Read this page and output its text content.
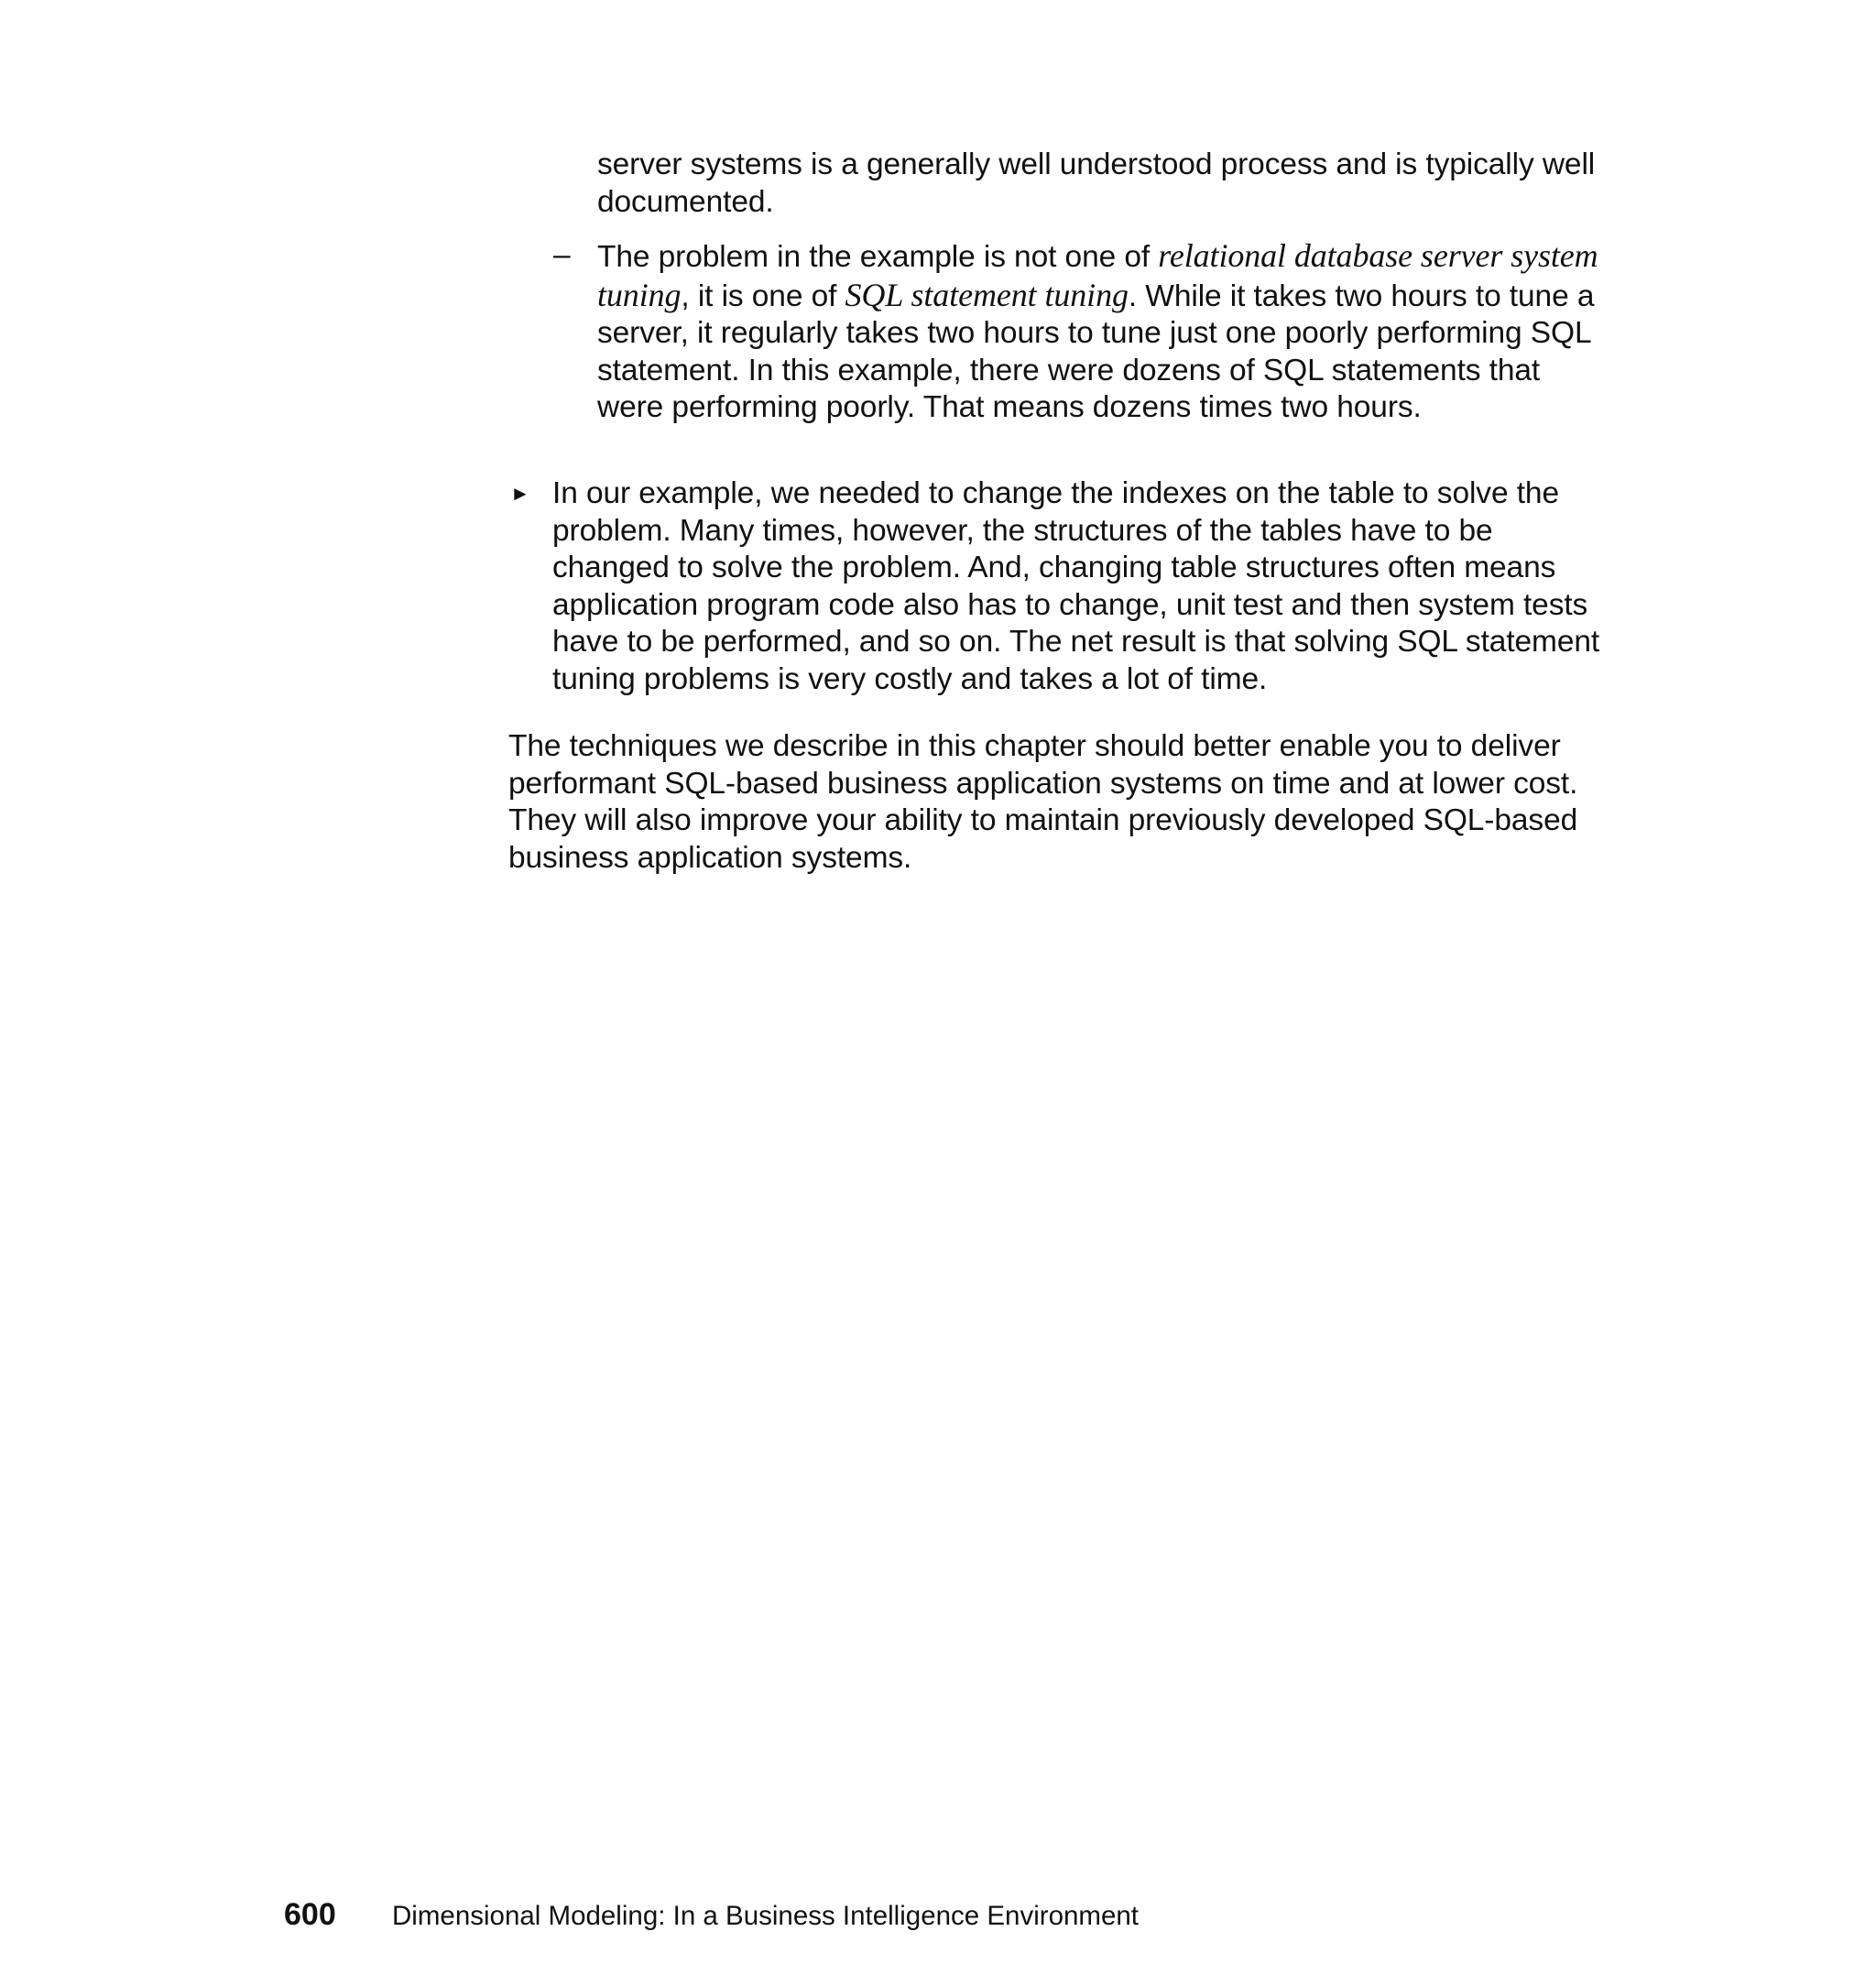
server systems is a generally well understood process and is typically well documented.

– The problem in the example is not one of relational database server system tuning, it is one of SQL statement tuning. While it takes two hours to tune a server, it regularly takes two hours to tune just one poorly performing SQL statement. In this example, there were dozens of SQL statements that were performing poorly. That means dozens times two hours.
► In our example, we needed to change the indexes on the table to solve the problem. Many times, however, the structures of the tables have to be changed to solve the problem. And, changing table structures often means application program code also has to change, unit test and then system tests have to be performed, and so on. The net result is that solving SQL statement tuning problems is very costly and takes a lot of time.

The techniques we describe in this chapter should better enable you to deliver performant SQL-based business application systems on time and at lower cost. They will also improve your ability to maintain previously developed SQL-based business application systems.

600	Dimensional Modeling: In a Business Intelligence Environment
